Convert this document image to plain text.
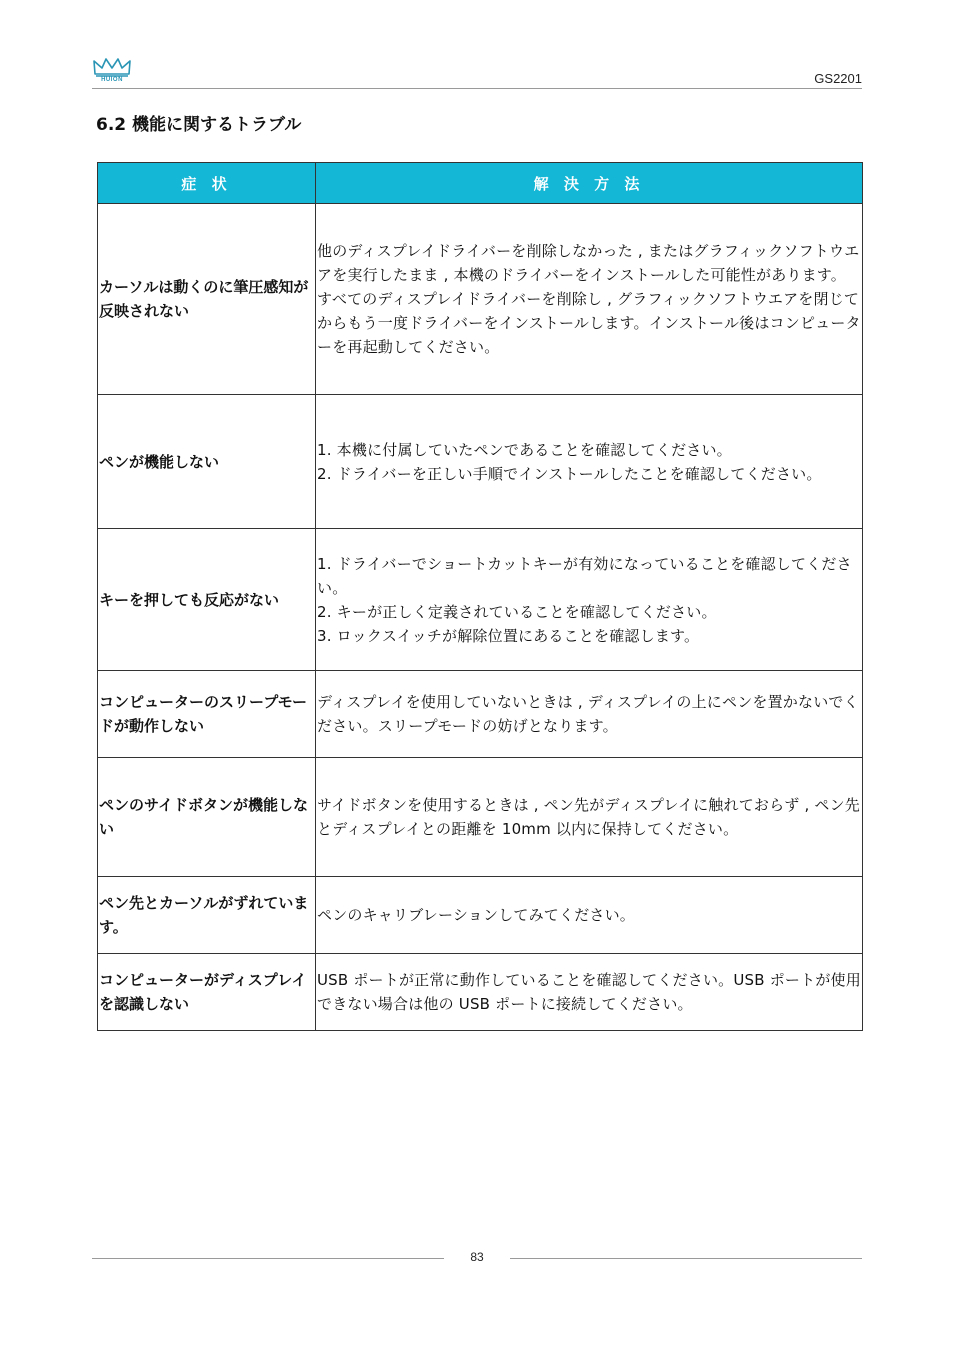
HUION	GS2201
6.2 機能に関するトラブル
症 状	解 決 方 法
カーソルは動くのに筆圧感知が反映されない	他のディスプレイドライバーを削除しなかった , またはグラフィックソフトウエアを実行したまま , 本機のドライバーをインストールした可能性があります。
すべてのディスプレイドライバーを削除し , グラフィックソフトウエアを閉じてからもう一度ドライバーをインストールします。インストール後はコンピューターを再起動してください。

ペンが機能しない	1. 本機に付属していたペンであることを確認してください。
2. ドライバーを正しい手順でインストールしたことを確認してください。

キーを押しても反応がない	1. ドライバーでショートカットキーが有効になっていることを確認してください。
2. キーが正しく定義されていることを確認してください。
3. ロックスイッチが解除位置にあることを確認します。

コンピューターのスリープモードが動作しない	ディスプレイを使用していないときは , ディスプレイの上にペンを置かないでください。スリープモードの妨げとなります。

ペンのサイドボタンが機能しない	サイドボタンを使用するときは , ペン先がディスプレイに触れておらず , ペン先とディスプレイとの距離を 10mm 以内に保持してください。

ペン先とカーソルがずれています。	ペンのキャリブレーションしてみてください。

コンピューターがディスプレイを認識しない	USB ポートが正常に動作していることを確認してください。USB ポートが使用できない場合は他の USB ポートに接続してください。
83
